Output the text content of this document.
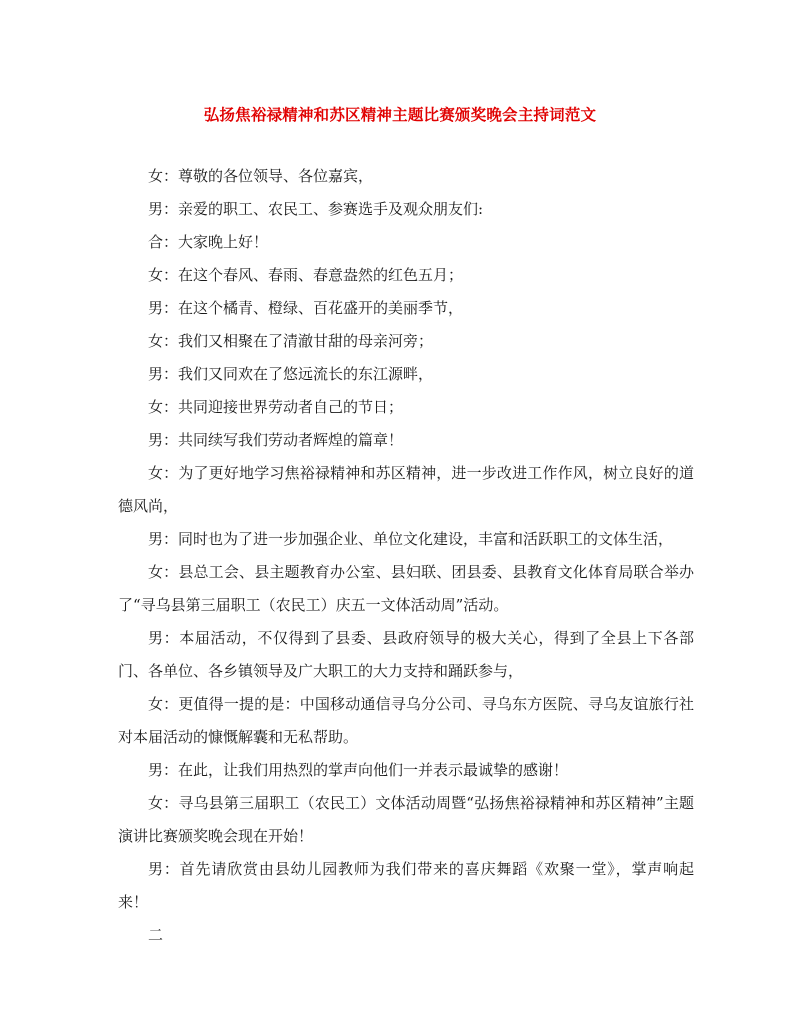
弘扬焦裕禄精神和苏区精神主题比赛颁奖晚会主持词范文

女：尊敬的各位领导、各位嘉宾，

男：亲爱的职工、农民工、参赛选手及观众朋友们:

合：大家晚上好！

女：在这个春风、春雨、春意盎然的红色五月；

男：在这个橘青、橙绿、百花盛开的美丽季节，

女：我们又相聚在了清澈甘甜的母亲河旁；

男：我们又同欢在了悠远流长的东江源畔，

女：共同迎接世界劳动者自己的节日；

男：共同续写我们劳动者辉煌的篇章！

女：为了更好地学习焦裕禄精神和苏区精神，进一步改进工作作风，树立良好的道德风尚，

男：同时也为了进一步加强企业、单位文化建设，丰富和活跃职工的文体生活，

女：县总工会、县主题教育办公室、县妇联、团县委、县教育文化体育局联合举办了“寻乌县第三届职工（农民工）庆五一文体活动周”活动。

男：本届活动，不仅得到了县委、县政府领导的极大关心，得到了全县上下各部门、各单位、各乡镇领导及广大职工的大力支持和踊跃参与，

女：更值得一提的是：中国移动通信寻乌分公司、寻乌东方医院、寻乌友谊旅行社对本届活动的慷慨解囊和无私帮助。

男：在此，让我们用热烈的掌声向他们一并表示最诚挚的感谢！

女：寻乌县第三届职工（农民工）文体活动周暨“弘扬焦裕禄精神和苏区精神”主题演讲比赛颁奖晚会现在开始！

男：首先请欣赏由县幼儿园教师为我们带来的喜庆舞蹈《欢聚一堂》，掌声响起来！

二
